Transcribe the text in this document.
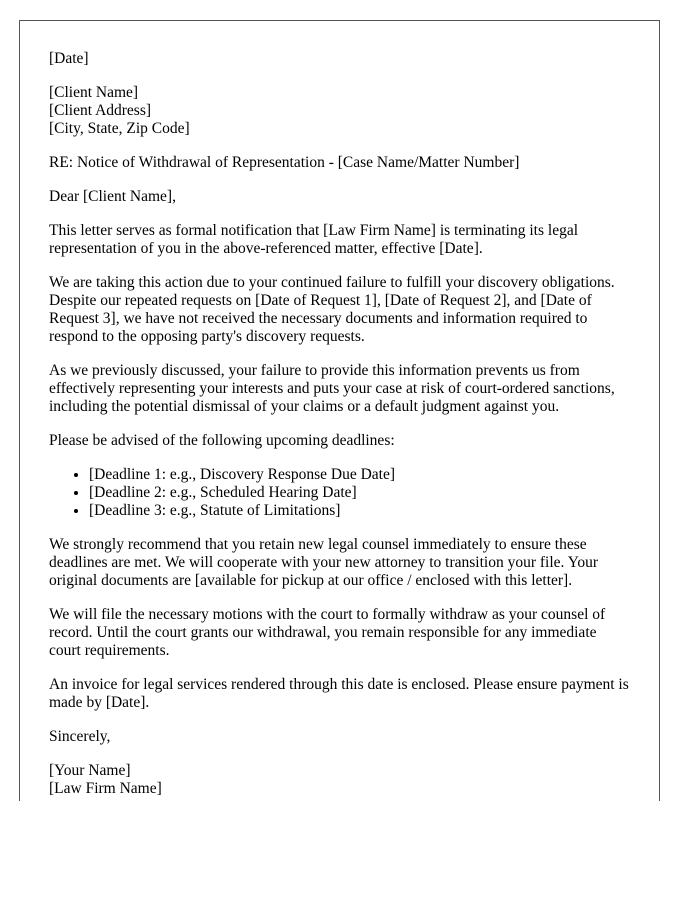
[Date]

[Client Name]
[Client Address]
[City, State, Zip Code]

RE: Notice of Withdrawal of Representation - [Case Name/Matter Number]

Dear [Client Name],

This letter serves as formal notification that [Law Firm Name] is terminating its legal representation of you in the above-referenced matter, effective [Date].

We are taking this action due to your continued failure to fulfill your discovery obligations. Despite our repeated requests on [Date of Request 1], [Date of Request 2], and [Date of Request 3], we have not received the necessary documents and information required to respond to the opposing party's discovery requests.

As we previously discussed, your failure to provide this information prevents us from effectively representing your interests and puts your case at risk of court-ordered sanctions, including the potential dismissal of your claims or a default judgment against you.

Please be advised of the following upcoming deadlines:

• [Deadline 1: e.g., Discovery Response Due Date]
• [Deadline 2: e.g., Scheduled Hearing Date]
• [Deadline 3: e.g., Statute of Limitations]

We strongly recommend that you retain new legal counsel immediately to ensure these deadlines are met. We will cooperate with your new attorney to transition your file. Your original documents are [available for pickup at our office / enclosed with this letter].

We will file the necessary motions with the court to formally withdraw as your counsel of record. Until the court grants our withdrawal, you remain responsible for any immediate court requirements.

An invoice for legal services rendered through this date is enclosed. Please ensure payment is made by [Date].

Sincerely,

[Your Name]
[Law Firm Name]
